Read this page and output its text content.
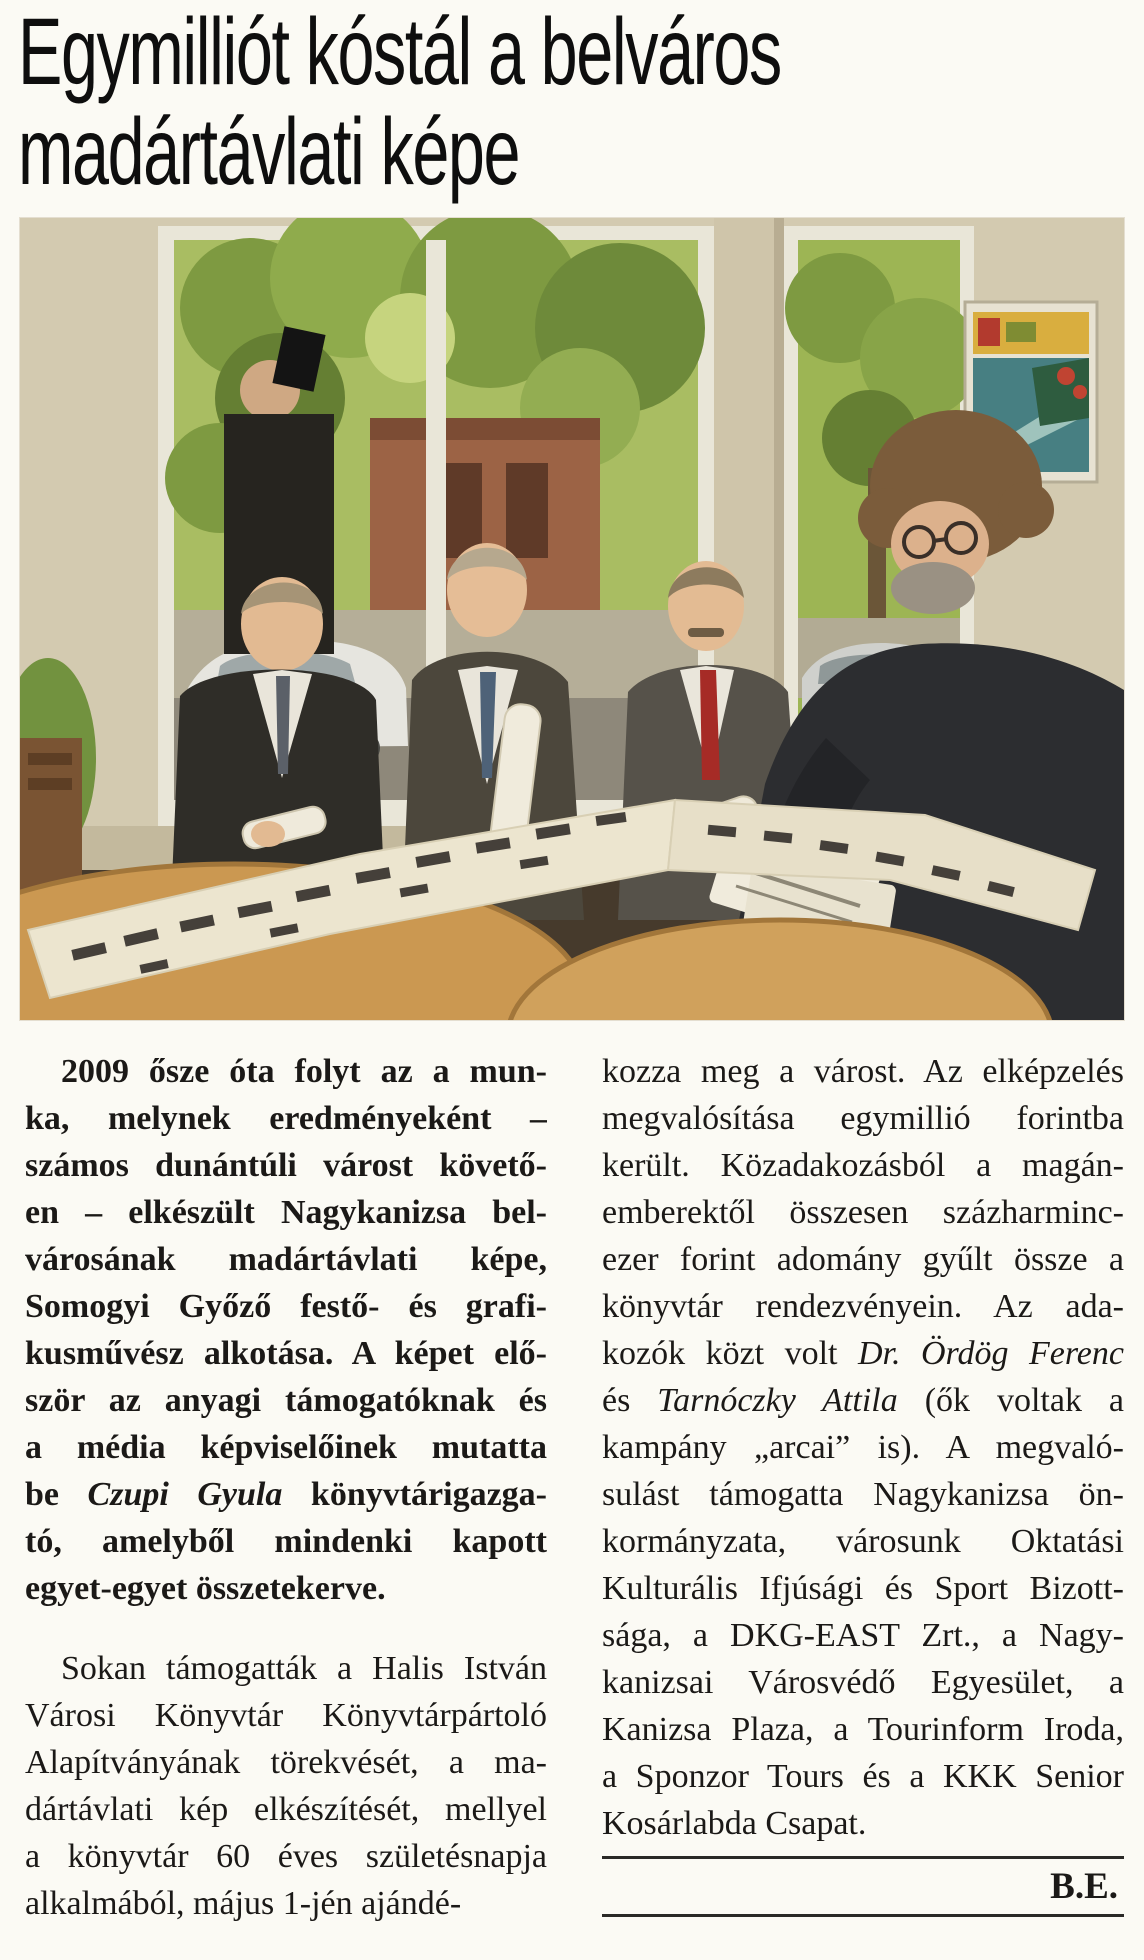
Egymilliót kóstál a belváros
madártávlati képe
2009 ősze óta folyt az a mun-
ka, melynek eredményeként –
számos dunántúli várost követő-
en – elkészült Nagykanizsa bel-
városának madártávlati képe,
Somogyi Győző festő- és grafi-
kusművész alkotása. A képet elő-
ször az anyagi támogatóknak és
a média képviselőinek mutatta
be Czupi Gyula könyvtárigazga-
tó, amelyből mindenki kapott
egyet-egyet összetekerve.
Sokan támogatták a Halis István
Városi Könyvtár Könyvtárpártoló
Alapítványának törekvését, a ma-
dártávlati kép elkészítését, mellyel
a könyvtár 60 éves születésnapja
alkalmából, május 1-jén ajándé-
kozza meg a várost. Az elképzelés
megvalósítása egymillió forintba
került. Közadakozásból a magán-
emberektől összesen százharminc-
ezer forint adomány gyűlt össze a
könyvtár rendezvényein. Az ada-
kozók közt volt Dr. Ördög Ferenc
és Tarnóczky Attila (ők voltak a
kampány „arcai” is). A megvaló-
sulást támogatta Nagykanizsa ön-
kormányzata, városunk Oktatási
Kulturális Ifjúsági és Sport Bizott-
sága, a DKG-EAST Zrt., a Nagy-
kanizsai Városvédő Egyesület, a
Kanizsa Plaza, a Tourinform Iroda,
a Sponzor Tours és a KKK Senior
Kosárlabda Csapat.
B.E.
